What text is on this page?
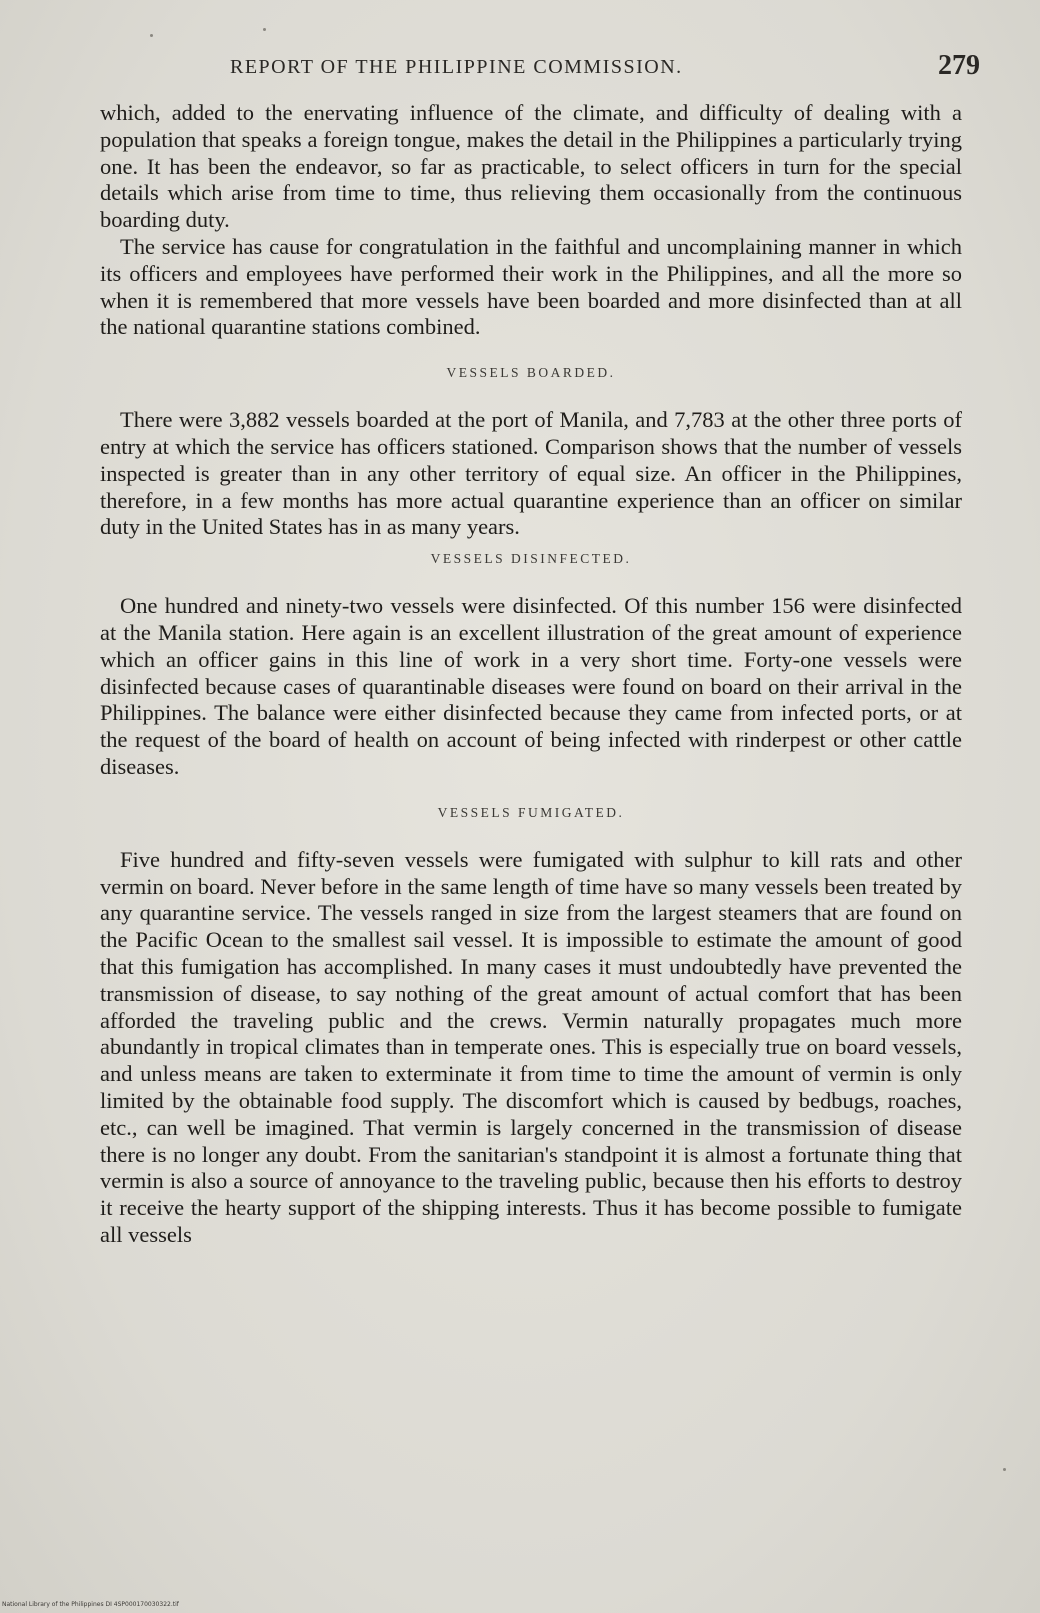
REPORT OF THE PHILIPPINE COMMISSION.	279

which, added to the enervating influence of the climate, and difficulty of dealing with a population that speaks a foreign tongue, makes the detail in the Philippines a particularly trying one. It has been the endeavor, so far as practicable, to select officers in turn for the special details which arise from time to time, thus relieving them occasionally from the continuous boarding duty.

The service has cause for congratulation in the faithful and uncomplaining manner in which its officers and employees have performed their work in the Philippines, and all the more so when it is remembered that more vessels have been boarded and more disinfected than at all the national quarantine stations combined.

VESSELS BOARDED.

There were 3,882 vessels boarded at the port of Manila, and 7,783 at the other three ports of entry at which the service has officers stationed. Comparison shows that the number of vessels inspected is greater than in any other territory of equal size. An officer in the Philippines, therefore, in a few months has more actual quarantine experience than an officer on similar duty in the United States has in as many years.

VESSELS DISINFECTED.

One hundred and ninety-two vessels were disinfected. Of this number 156 were disinfected at the Manila station. Here again is an excellent illustration of the great amount of experience which an officer gains in this line of work in a very short time. Forty-one vessels were disinfected because cases of quarantinable diseases were found on board on their arrival in the Philippines. The balance were either disinfected because they came from infected ports, or at the request of the board of health on account of being infected with rinderpest or other cattle diseases.

VESSELS FUMIGATED.

Five hundred and fifty-seven vessels were fumigated with sulphur to kill rats and other vermin on board. Never before in the same length of time have so many vessels been treated by any quarantine service. The vessels ranged in size from the largest steamers that are found on the Pacific Ocean to the smallest sail vessel. It is impossible to estimate the amount of good that this fumigation has accomplished. In many cases it must undoubtedly have prevented the transmission of disease, to say nothing of the great amount of actual comfort that has been afforded the traveling public and the crews. Vermin naturally propagates much more abundantly in tropical climates than in temperate ones. This is especially true on board vessels, and unless means are taken to exterminate it from time to time the amount of vermin is only limited by the obtainable food supply. The discomfort which is caused by bedbugs, roaches, etc., can well be imagined. That vermin is largely concerned in the transmission of disease there is no longer any doubt. From the sanitarian's standpoint it is almost a fortunate thing that vermin is also a source of annoyance to the traveling public, because then his efforts to destroy it receive the hearty support of the shipping interests. Thus it has become possible to fumigate all vessels

National Library of the Philippines DI 4SP000170030322.tif
